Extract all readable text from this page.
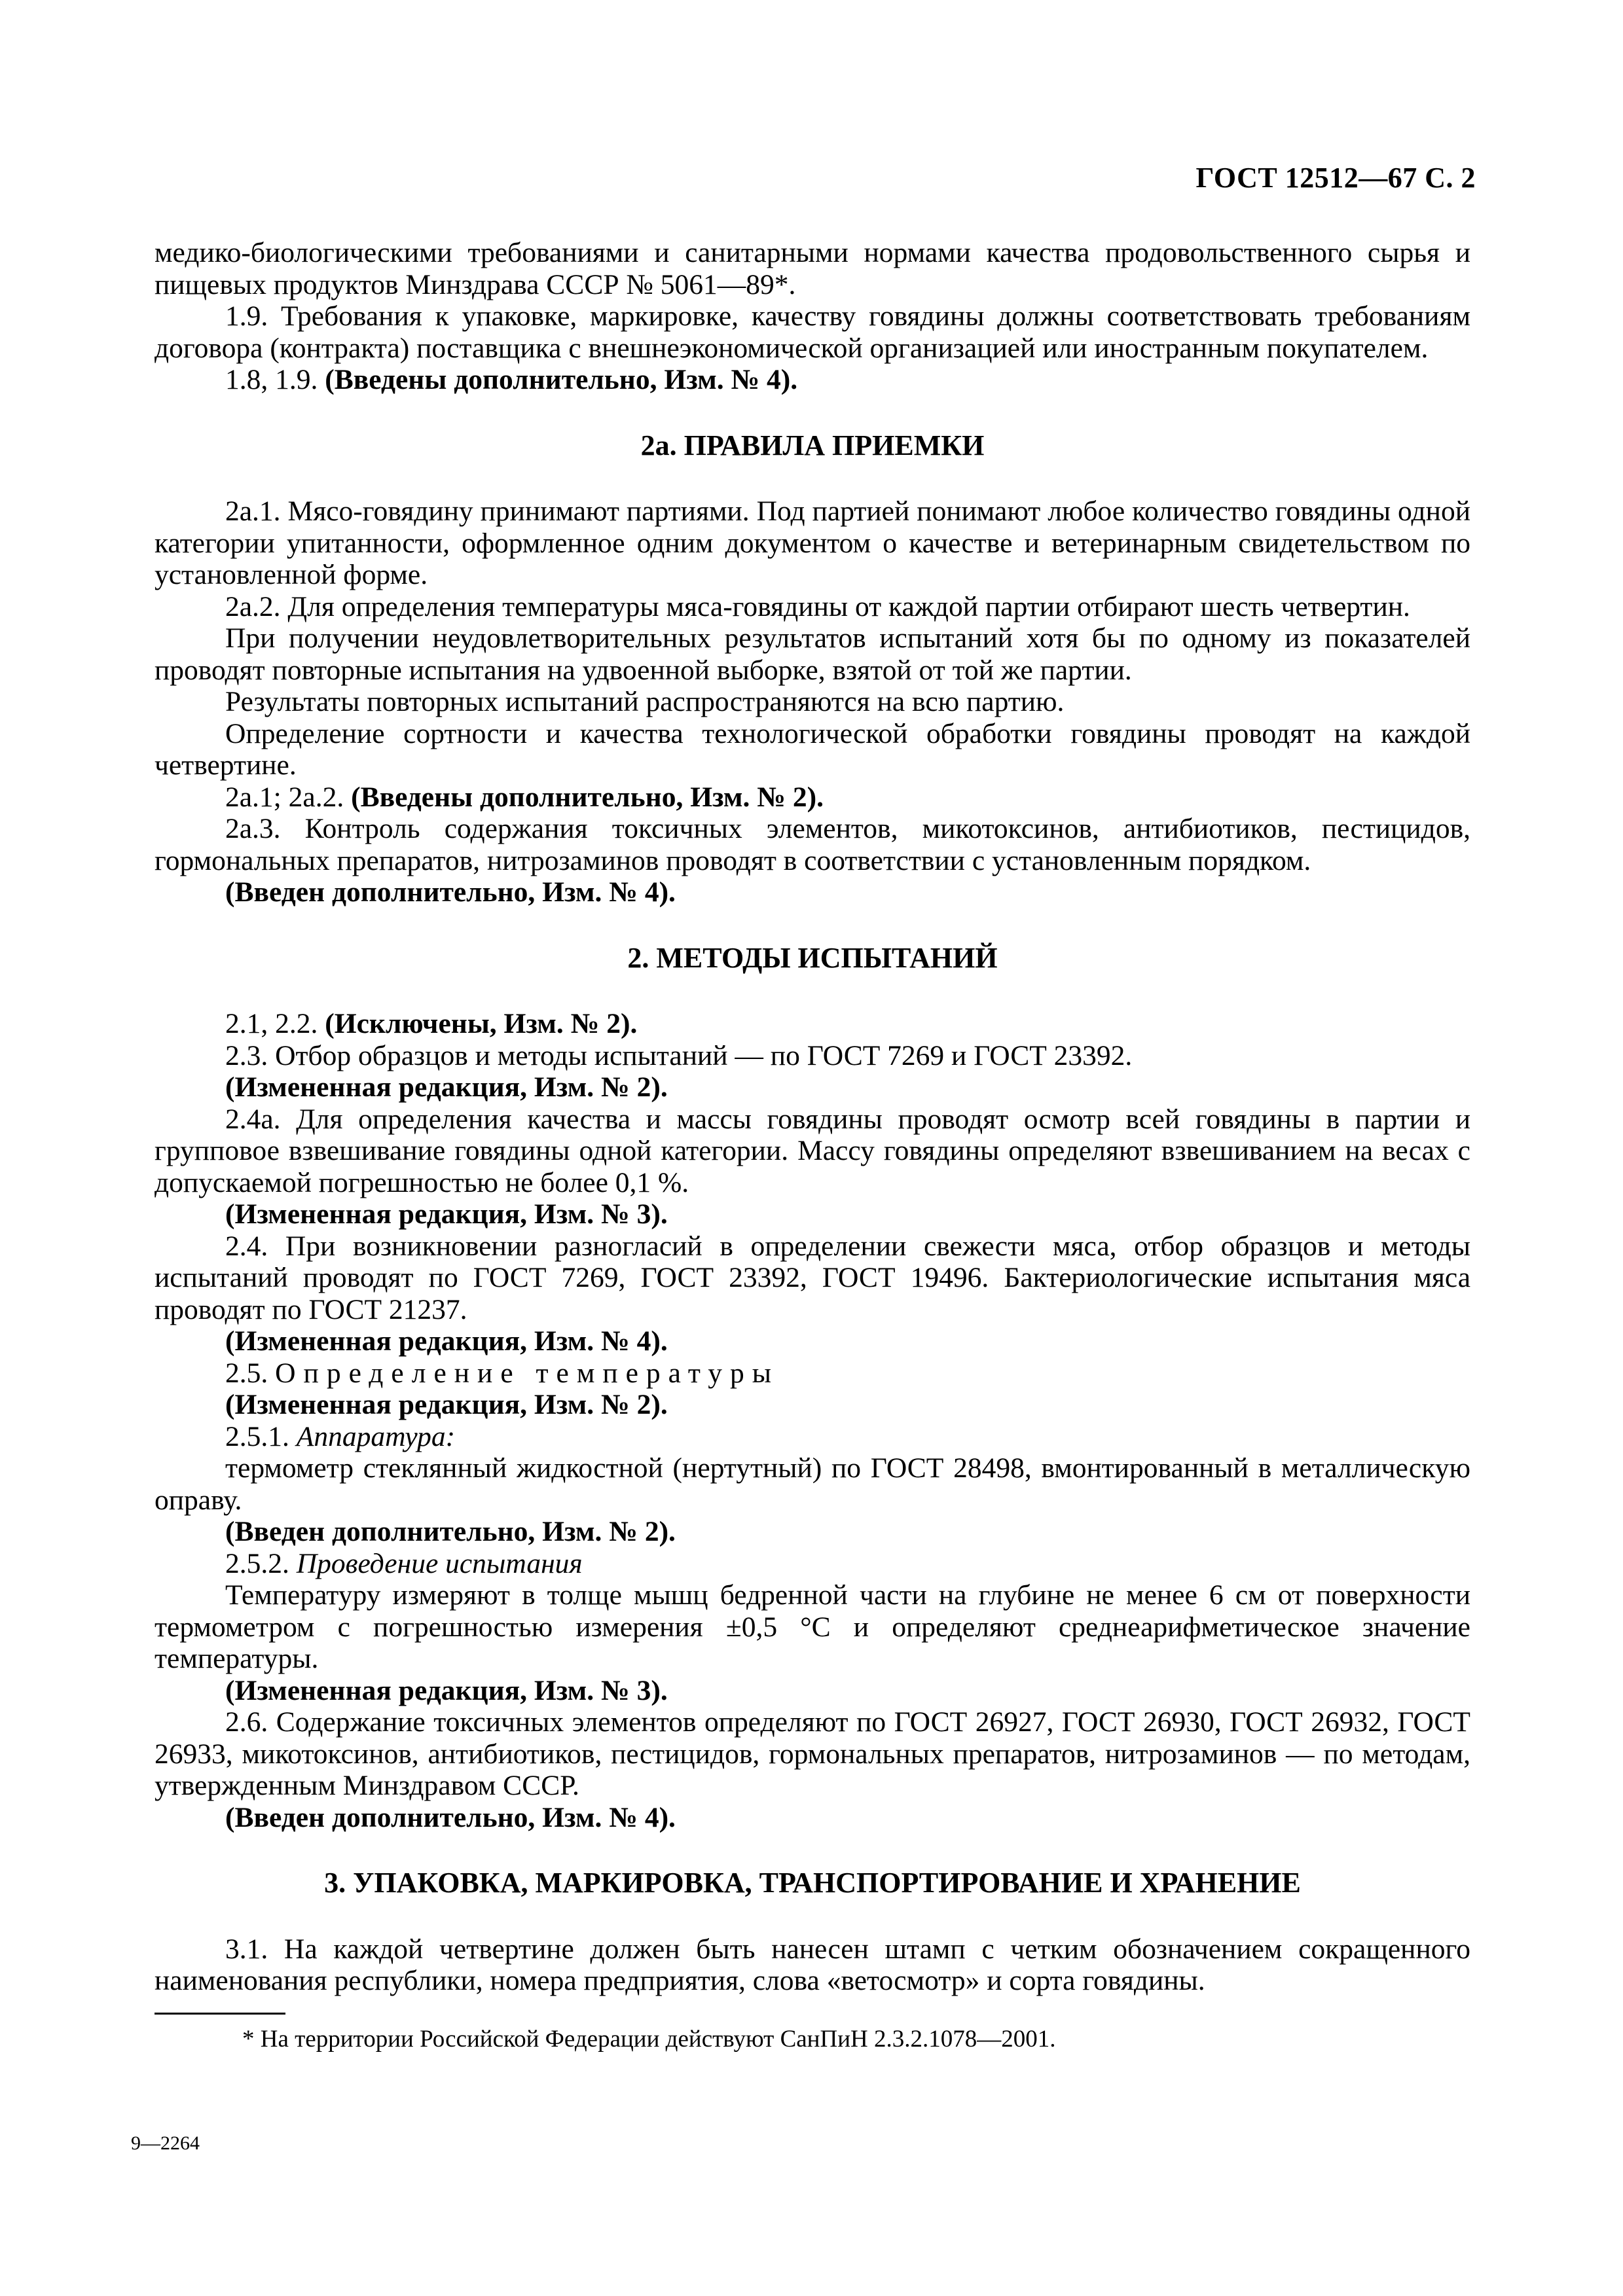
ГОСТ 12512—67 С. 2

медико-биологическими требованиями и санитарными нормами качества продовольственного сырья и пищевых продуктов Минздрава СССР № 5061—89*.

1.9. Требования к упаковке, маркировке, качеству говядины должны соответствовать требованиям договора (контракта) поставщика с внешнеэкономической организацией или иностранным покупателем.

1.8, 1.9. (Введены дополнительно, Изм. № 4).

2а. ПРАВИЛА ПРИЕМКИ

2а.1. Мясо-говядину принимают партиями. Под партией понимают любое количество говядины одной категории упитанности, оформленное одним документом о качестве и ветеринарным свидетельством по установленной форме.

2а.2. Для определения температуры мяса-говядины от каждой партии отбирают шесть четвертин.

При получении неудовлетворительных результатов испытаний хотя бы по одному из показателей проводят повторные испытания на удвоенной выборке, взятой от той же партии.

Результаты повторных испытаний распространяются на всю партию.

Определение сортности и качества технологической обработки говядины проводят на каждой четвертине.

2а.1; 2а.2. (Введены дополнительно, Изм. № 2).

2а.3. Контроль содержания токсичных элементов, микотоксинов, антибиотиков, пестицидов, гормональных препаратов, нитрозаминов проводят в соответствии с установленным порядком.

(Введен дополнительно, Изм. № 4).

2. МЕТОДЫ ИСПЫТАНИЙ

2.1, 2.2. (Исключены, Изм. № 2).

2.3. Отбор образцов и методы испытаний — по ГОСТ 7269 и ГОСТ 23392.

(Измененная редакция, Изм. № 2).

2.4а. Для определения качества и массы говядины проводят осмотр всей говядины в партии и групповое взвешивание говядины одной категории. Массу говядины определяют взвешиванием на весах с допускаемой погрешностью не более 0,1 %.

(Измененная редакция, Изм. № 3).

2.4. При возникновении разногласий в определении свежести мяса, отбор образцов и методы испытаний проводят по ГОСТ 7269, ГОСТ 23392, ГОСТ 19496. Бактериологические испытания мяса проводят по ГОСТ 21237.

(Измененная редакция, Изм. № 4).

2.5. Определение температуры

(Измененная редакция, Изм. № 2).

2.5.1. Аппаратура:

термометр стеклянный жидкостной (нертутный) по ГОСТ 28498, вмонтированный в металлическую оправу.

(Введен дополнительно, Изм. № 2).

2.5.2. Проведение испытания

Температуру измеряют в толще мышц бедренной части на глубине не менее 6 см от поверхности термометром с погрешностью измерения ±0,5 °С и определяют среднеарифметическое значение температуры.

(Измененная редакция, Изм. № 3).

2.6. Содержание токсичных элементов определяют по ГОСТ 26927, ГОСТ 26930, ГОСТ 26932, ГОСТ 26933, микотоксинов, антибиотиков, пестицидов, гормональных препаратов, нитрозаминов — по методам, утвержденным Минздравом СССР.

(Введен дополнительно, Изм. № 4).

3. УПАКОВКА, МАРКИРОВКА, ТРАНСПОРТИРОВАНИЕ И ХРАНЕНИЕ

3.1. На каждой четвертине должен быть нанесен штамп с четким обозначением сокращенного наименования республики, номера предприятия, слова «ветосмотр» и сорта говядины.

* На территории Российской Федерации действуют СанПиН 2.3.2.1078—2001.
9—2264
